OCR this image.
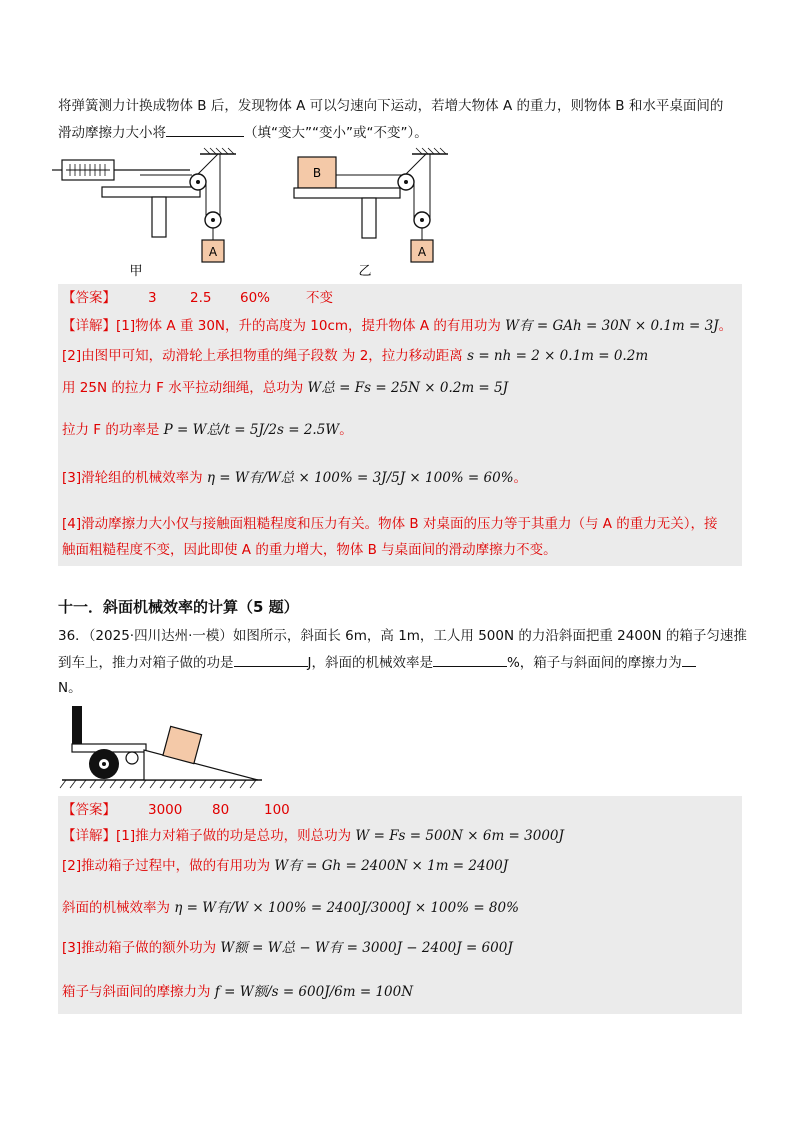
将弹簧测力计换成物体 B 后，发现物体 A 可以匀速向下运动，若增大物体 A 的重力，则物体 B 和水平桌面间的
滑动摩擦力大小将	（填“变大”“变小”或“不变”）。
A
甲
B
A
乙
【答案】 3 2.5 60%	不变
【详解】[1]物体 A 重 30N，升的高度为 10cm，提升物体 A 的有用功为 W有 = GAh = 30N × 0.1m = 3J。
[2]由图甲可知，动滑轮上承担物重的绳子段数 为 2，拉力移动距离 s = nh = 2 × 0.1m = 0.2m
用 25N 的拉力 F 水平拉动细绳，总功为 W总 = Fs = 25N × 0.2m = 5J
拉力 F 的功率是 P = W总/t = 5J/2s = 2.5W。
[3]滑轮组的机械效率为 η = W有/W总 × 100% = 3J/5J × 100% = 60%。
[4]滑动摩擦力大小仅与接触面粗糙程度和压力有关。物体 B 对桌面的压力等于其重力（与 A 的重力无关），接
触面粗糙程度不变，因此即使 A 的重力增大，物体 B 与桌面间的滑动摩擦力不变。
十一．斜面机械效率的计算（5 题）
36．（2025·四川达州·一模）如图所示，斜面长 6m，高 1m，工人用 500N 的力沿斜面把重 2400N 的箱子匀速推
到车上，推力对箱子做的功是	J，斜面的机械效率是	%，箱子与斜面间的摩擦力为
N。
【答案】 3000 80	100
【详解】[1]推力对箱子做的功是总功，则总功为 W = Fs = 500N × 6m = 3000J
[2]推动箱子过程中，做的有用功为 W有 = Gh = 2400N × 1m = 2400J
斜面的机械效率为 η = W有/W × 100% = 2400J/3000J × 100% = 80%
[3]推动箱子做的额外功为 W额 = W总 − W有 = 3000J − 2400J = 600J
箱子与斜面间的摩擦力为 f = W额/s = 600J/6m = 100N
